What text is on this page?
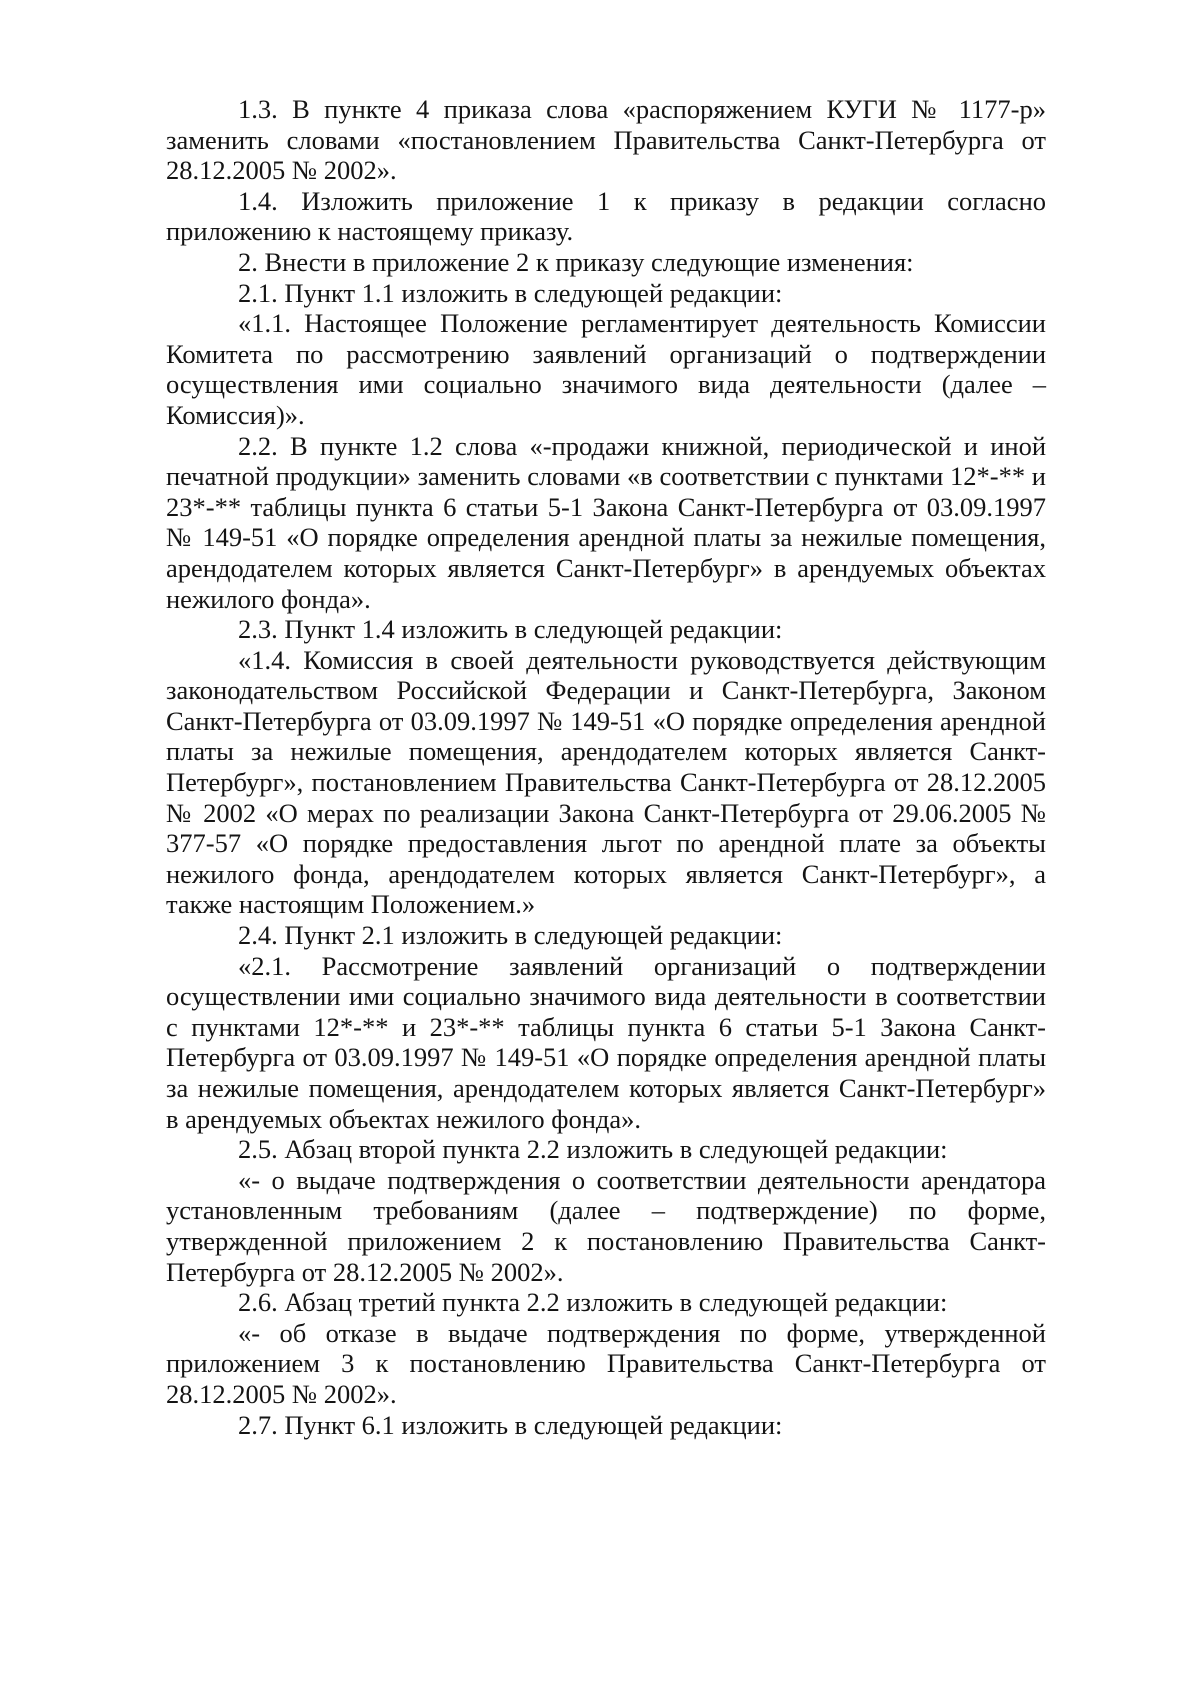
1.3. В пункте 4 приказа слова «распоряжением КУГИ № 1177-р» заменить словами «постановлением Правительства Санкт-Петербурга от 28.12.2005 № 2002».

1.4. Изложить приложение 1 к приказу в редакции согласно приложению к настоящему приказу.

2. Внести в приложение 2 к приказу следующие изменения:

2.1. Пункт 1.1 изложить в следующей редакции:

«1.1. Настоящее Положение регламентирует деятельность Комиссии Комитета по рассмотрению заявлений организаций о подтверждении осуществления ими социально значимого вида деятельности (далее – Комиссия)».

2.2. В пункте 1.2 слова «-продажи книжной, периодической и иной печатной продукции» заменить словами «в соответствии с пунктами 12*-** и 23*-** таблицы пункта 6 статьи 5-1 Закона Санкт-Петербурга от 03.09.1997 № 149-51 «О порядке определения арендной платы за нежилые помещения, арендодателем которых является Санкт-Петербург» в арендуемых объектах нежилого фонда».

2.3. Пункт 1.4 изложить в следующей редакции:

«1.4. Комиссия в своей деятельности руководствуется действующим законодательством Российской Федерации и Санкт-Петербурга, Законом Санкт-Петербурга от 03.09.1997 № 149-51 «О порядке определения арендной платы за нежилые помещения, арендодателем которых является Санкт-Петербург», постановлением Правительства Санкт-Петербурга от 28.12.2005 № 2002 «О мерах по реализации Закона Санкт-Петербурга от 29.06.2005 № 377-57 «О порядке предоставления льгот по арендной плате за объекты нежилого фонда, арендодателем которых является Санкт-Петербург», а также настоящим Положением.»

2.4. Пункт 2.1 изложить в следующей редакции:

«2.1. Рассмотрение заявлений организаций о подтверждении осуществлении ими социально значимого вида деятельности в соответствии с пунктами 12*-** и 23*-** таблицы пункта 6 статьи 5-1 Закона Санкт-Петербурга от 03.09.1997 № 149-51 «О порядке определения арендной платы за нежилые помещения, арендодателем которых является Санкт-Петербург» в арендуемых объектах нежилого фонда».

2.5. Абзац второй пункта 2.2 изложить в следующей редакции:

«- о выдаче подтверждения о соответствии деятельности арендатора установленным требованиям (далее – подтверждение) по форме, утвержденной приложением 2 к постановлению Правительства Санкт-Петербурга от 28.12.2005 № 2002».

2.6. Абзац третий пункта 2.2 изложить в следующей редакции:

«- об отказе в выдаче подтверждения по форме, утвержденной приложением 3 к постановлению Правительства Санкт-Петербурга от 28.12.2005 № 2002».

2.7. Пункт 6.1 изложить в следующей редакции:
